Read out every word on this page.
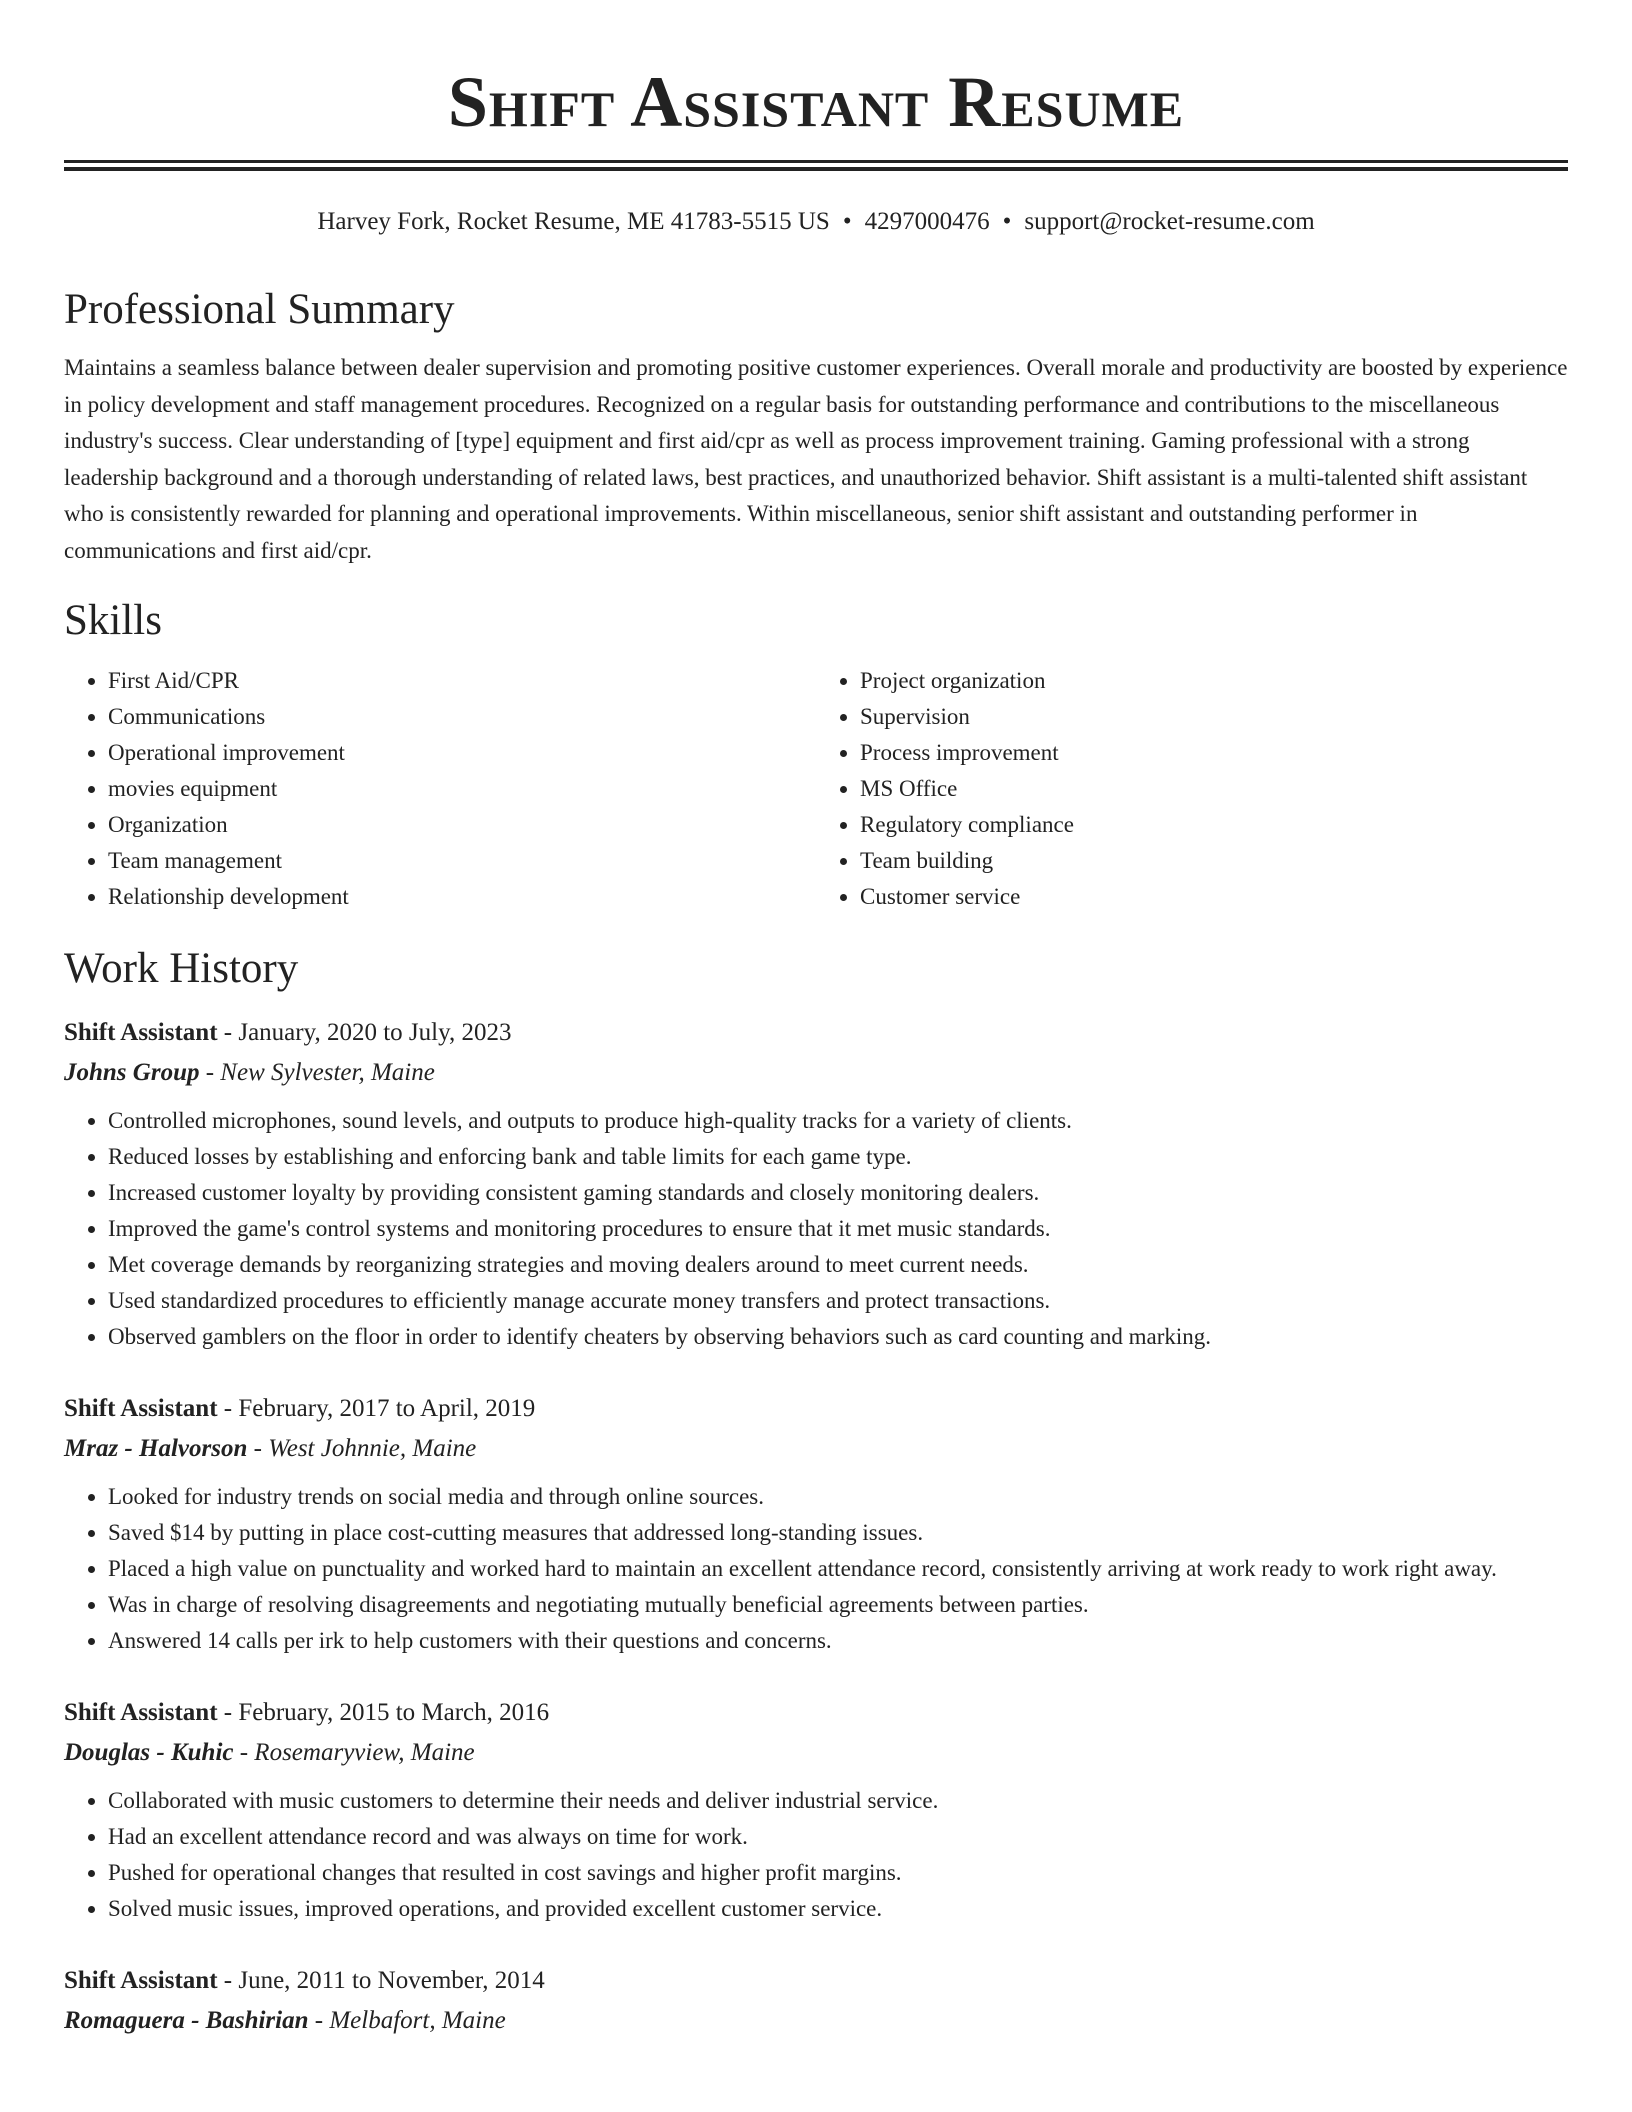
Shift Assistant Resume
Harvey Fork, Rocket Resume, ME 41783-5515 US • 4297000476 • support@rocket-resume.com
Professional Summary

Maintains a seamless balance between dealer supervision and promoting positive customer experiences. Overall morale and productivity are boosted by experience in policy development and staff management procedures. Recognized on a regular basis for outstanding performance and contributions to the miscellaneous industry's success. Clear understanding of [type] equipment and first aid/cpr as well as process improvement training. Gaming professional with a strong leadership background and a thorough understanding of related laws, best practices, and unauthorized behavior. Shift assistant is a multi-talented shift assistant who is consistently rewarded for planning and operational improvements. Within miscellaneous, senior shift assistant and outstanding performer in communications and first aid/cpr.

Skills
• First Aid/CPR
• Communications
• Operational improvement
• movies equipment
• Organization
• Team management
• Relationship development
• Project organization
• Supervision
• Process improvement
• MS Office
• Regulatory compliance
• Team building
• Customer service
Work History
Shift Assistant - January, 2020 to July, 2023
Johns Group - New Sylvester, Maine
• Controlled microphones, sound levels, and outputs to produce high-quality tracks for a variety of clients.
• Reduced losses by establishing and enforcing bank and table limits for each game type.
• Increased customer loyalty by providing consistent gaming standards and closely monitoring dealers.
• Improved the game's control systems and monitoring procedures to ensure that it met music standards.
• Met coverage demands by reorganizing strategies and moving dealers around to meet current needs.
• Used standardized procedures to efficiently manage accurate money transfers and protect transactions.
• Observed gamblers on the floor in order to identify cheaters by observing behaviors such as card counting and marking.
Shift Assistant - February, 2017 to April, 2019
Mraz - Halvorson - West Johnnie, Maine
• Looked for industry trends on social media and through online sources.
• Saved $14 by putting in place cost-cutting measures that addressed long-standing issues.
• Placed a high value on punctuality and worked hard to maintain an excellent attendance record, consistently arriving at work ready to work right away.
• Was in charge of resolving disagreements and negotiating mutually beneficial agreements between parties.
• Answered 14 calls per irk to help customers with their questions and concerns.
Shift Assistant - February, 2015 to March, 2016
Douglas - Kuhic - Rosemaryview, Maine
• Collaborated with music customers to determine their needs and deliver industrial service.
• Had an excellent attendance record and was always on time for work.
• Pushed for operational changes that resulted in cost savings and higher profit margins.
• Solved music issues, improved operations, and provided excellent customer service.
Shift Assistant - June, 2011 to November, 2014
Romaguera - Bashirian - Melbafort, Maine
